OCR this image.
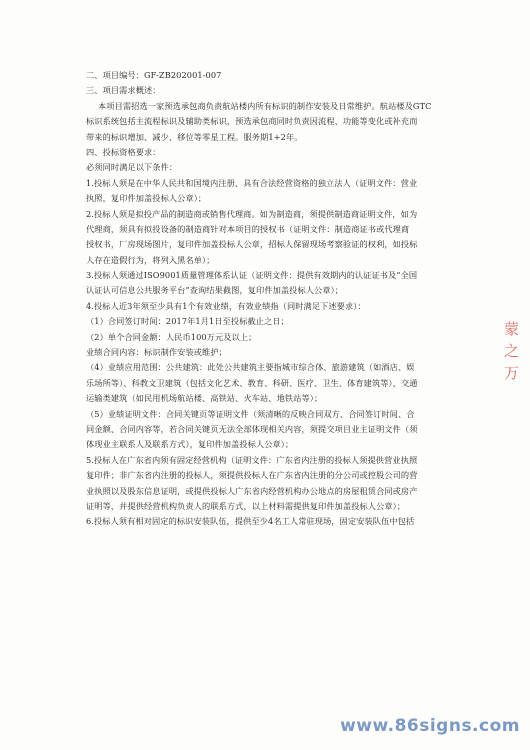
二、项目编号：GF-ZB202001-007
三、项目需求概述：
本项目需招选一家预选承包商负责航站楼内所有标识的制作安装及日常维护。航站楼及GTC
标识系统包括主流程标识及辅助类标识，预选承包商同时负责因流程、功能等变化或补充而
带来的标识增加、减少、移位等零星工程。服务期1+2年。
四、投标资格要求：
必须同时满足以下条件：
1.投标人须是在中华人民共和国境内注册、具有合法经营资格的独立法人（证明文件：营业
执照，复印件加盖投标人公章）；
2.投标人须是拟投产品的制造商或销售代理商。如为制造商，须提供制造商证明文件，如为
代理商，须具有拟投设备的制造商针对本项目的授权书（证明文件：制造商证书或代理商
授权书，厂房现场图片，复印件加盖投标人公章，招标人保留现场考察验证的权利，如投标
人存在造假行为，将列入黑名单）；
3.投标人须通过ISO9001质量管理体系认证（证明文件：提供有效期内的认证证书及“全国
认证认可信息公共服务平台”查询结果截图，复印件加盖投标人公章）；
4.投标人近3年须至少具有1个有效业绩，有效业绩指（同时满足下述要求）：
（1）合同签订时间：2017年1月1日至投标截止之日；
（2）单个合同金额：人民币100万元及以上；
业绩合同内容：标识制作安装或维护；
（4）业绩应用范围：公共建筑：此处公共建筑主要指城市综合体、旅游建筑（如酒店、娱
乐场所等）、科教文卫建筑（包括文化艺术、教育、科研、医疗、卫生、体育建筑等），交通
运输类建筑（如民用机场航站楼、高铁站、火车站、地铁站等）；
（5）业绩证明文件：合同关键页等证明文件（须清晰的反映合同双方、合同签订时间、合
同金额、合同内容等，若合同关键页无法全部体现相关内容，须提交项目业主证明文件（须
体现业主联系人及联系方式），复印件加盖投标人公章）；
5.投标人在广东省内须有固定经营机构（证明文件：广东省内注册的投标人须提供营业执照
复印件；非广东省内注册的投标人，须提供投标人在广东省内注册的分公司或控股公司的营
业执照以及股东信息证明，或提供投标人广东省内经营机构办公地点的房屋租赁合同或房产
证明等，并提供经营机构负责人的联系方式，以上材料需提供复印件加盖投标人公章）；
6.投标人须有相对固定的标识安装队伍，提供至少4名工人常驻现场，固定安装队伍中包括
蒙
之
万
www.86signs.com
